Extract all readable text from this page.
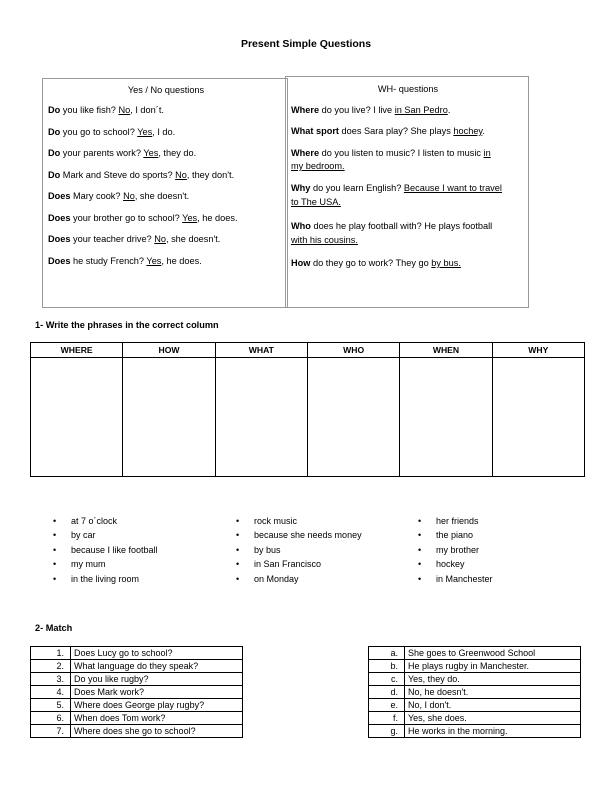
Present Simple Questions
Yes / No questions
Do you like fish? No, I don´t.
Do you go to school? Yes, I do.
Do your parents work? Yes, they do.
Do Mark and Steve do sports? No, they don't.
Does Mary cook? No, she doesn't.
Does your brother go to school? Yes, he does.
Does your teacher drive? No, she doesn't.
Does he study French? Yes, he does.
WH- questions
Where do you live? I live in San Pedro.
What sport does Sara play? She plays hochey.
Where do you listen to music? I listen to music in
my bedroom.
Why do you learn English? Because I want to travel
to The USA.
Who does he play football with? He plays football
with his cousins.
How do they go to work? They go by bus.
1- Write the phrases in the correct column
WHERE	HOW	WHAT	WHO	WHEN	WHY

• at 7 o´clock
• by car
• because I like football
• my mum
• in the living room
• rock music
• because she needs money
• by bus
• in San Francisco
• on Monday
• her friends
• the piano
• my brother
• hockey
• in Manchester
2- Match
1.	Does Lucy go to school?
2.	What language do they speak?
3.	Do you like rugby?
4.	Does Mark work?
5.	Where does George play rugby?
6.	When does Tom work?
7.	Where does she go to school?
a.	She goes to Greenwood School
b.	He plays rugby in Manchester.
c.	Yes, they do.
d.	No, he doesn't.
e.	No, I don't.
f.	Yes, she does.
g.	He works in the morning.
